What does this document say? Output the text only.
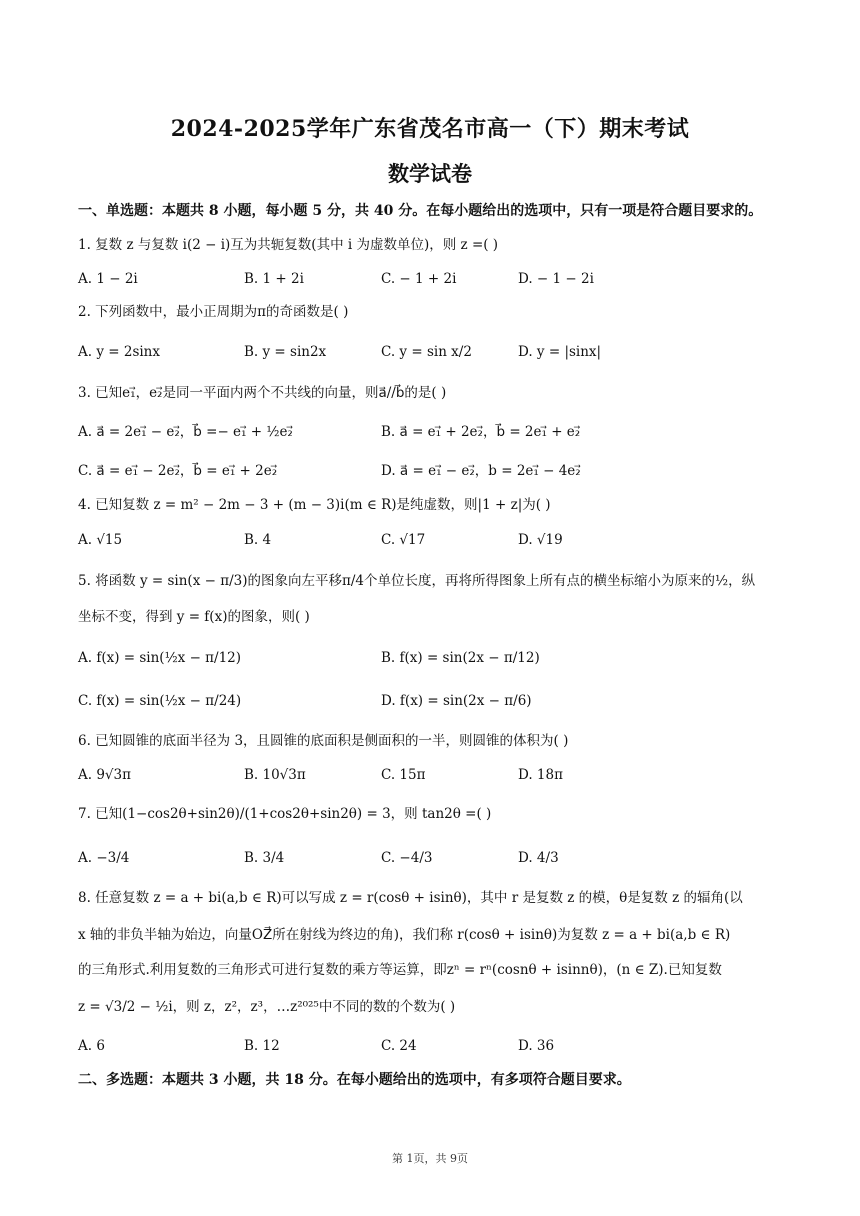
2024-2025学年广东省茂名市高一（下）期末考试
数学试卷
一、单选题：本题共 8 小题，每小题 5 分，共 40 分。在每小题给出的选项中，只有一项是符合题目要求的。
1. 复数 z 与复数 i(2 − i)互为共轭复数(其中 i 为虚数单位)，则 z =( )
A. 1 − 2i	B. 1 + 2i	C. − 1 + 2i	D. − 1 − 2i
2. 下列函数中，最小正周期为π的奇函数是( )
A. y = 2sinx	B. y = sin2x	C. y = sin x/2	D. y = |sinx|
3. 已知e₁⃗，e₂⃗是同一平面内两个不共线的向量，则a⃗//b⃗的是( )
A. a⃗ = 2e₁⃗ − e₂⃗，b⃗ =− e₁⃗ + ½e₂⃗	B. a⃗ = e₁⃗ + 2e₂⃗，b⃗ = 2e₁⃗ + e₂⃗
C. a⃗ = e₁⃗ − 2e₂⃗，b⃗ = e₁⃗ + 2e₂⃗	D. a⃗ = e₁⃗ − e₂⃗，b = 2e₁⃗ − 4e₂⃗
4. 已知复数 z = m² − 2m − 3 + (m − 3)i(m ∈ R)是纯虚数，则|1 + z|为( )
A. √15	B. 4	C. √17	D. √19
5. 将函数 y = sin(x − π/3)的图象向左平移π/4个单位长度，再将所得图象上所有点的横坐标缩小为原来的½，纵
坐标不变，得到 y = f(x)的图象，则( )
A. f(x) = sin(½x − π/12)	B. f(x) = sin(2x − π/12)
C. f(x) = sin(½x − π/24)	D. f(x) = sin(2x − π/6)
6. 已知圆锥的底面半径为 3，且圆锥的底面积是侧面积的一半，则圆锥的体积为( )
A. 9√3π	B. 10√3π	C. 15π	D. 18π
7. 已知(1−cos2θ+sin2θ)/(1+cos2θ+sin2θ) = 3，则 tan2θ =( )
A. −3/4	B. 3/4	C. −4/3	D. 4/3
8. 任意复数 z = a + bi(a,b ∈ R)可以写成 z = r(cosθ + isinθ)，其中 r 是复数 z 的模，θ是复数 z 的辐角(以
x 轴的非负半轴为始边，向量OZ⃗所在射线为终边的角)，我们称 r(cosθ + isinθ)为复数 z = a + bi(a,b ∈ R)
的三角形式.利用复数的三角形式可进行复数的乘方等运算，即zⁿ = rⁿ(cosnθ + isinnθ)，(n ∈ Z).已知复数
z = √3/2 − ½i，则 z，z²，z³，…z²⁰²⁵中不同的数的个数为( )
A. 6	B. 12	C. 24	D. 36
二、多选题：本题共 3 小题，共 18 分。在每小题给出的选项中，有多项符合题目要求。
第 1页，共 9页
